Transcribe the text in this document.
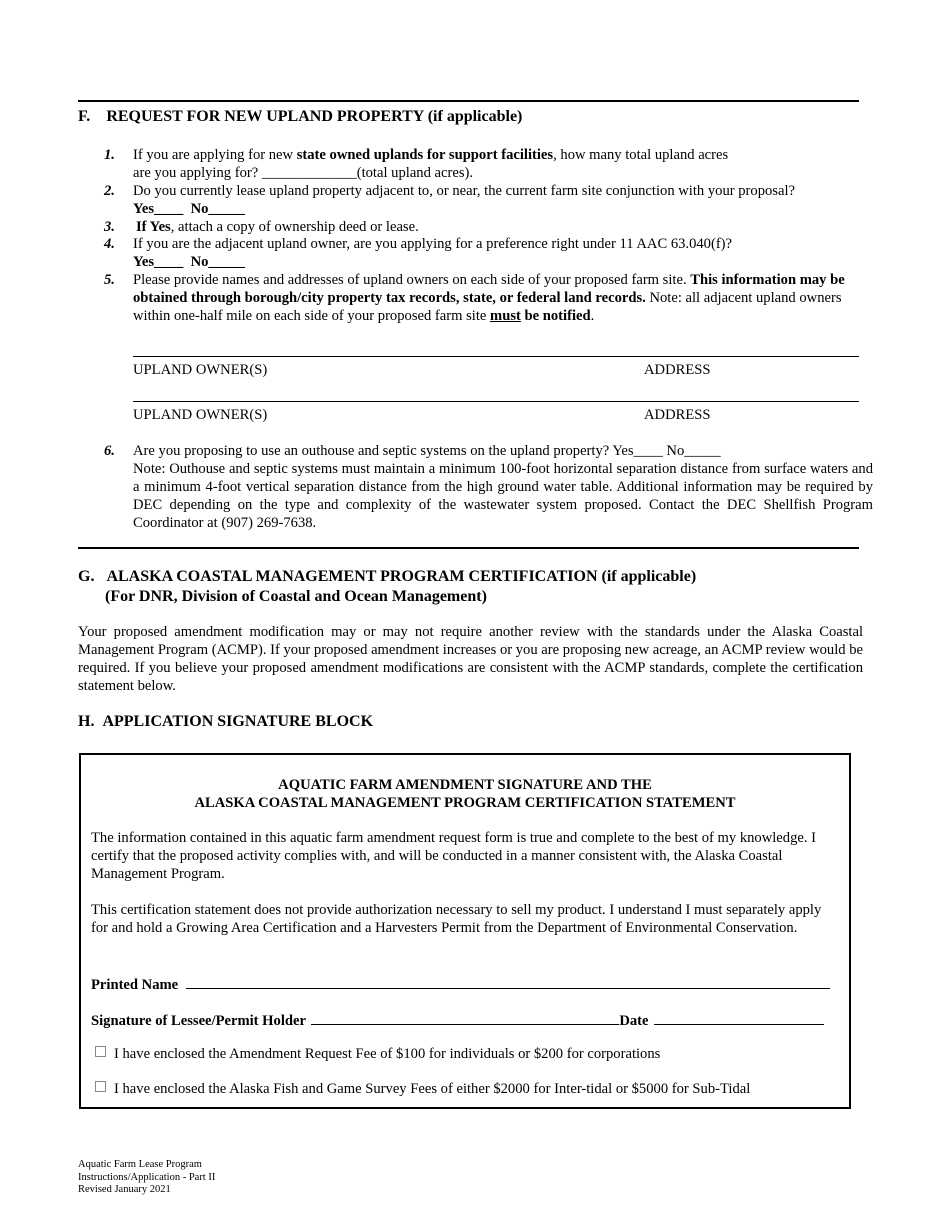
F. REQUEST FOR NEW UPLAND PROPERTY (if applicable)
1. If you are applying for new state owned uplands for support facilities, how many total upland acres
are you applying for? _____________(total upland acres).
2. Do you currently lease upland property adjacent to, or near, the current farm site conjunction with your proposal?
Yes____ No_____
3. If Yes, attach a copy of ownership deed or lease.
4. If you are the adjacent upland owner, are you applying for a preference right under 11 AAC 63.040(f)?
Yes____ No_____
5. Please provide names and addresses of upland owners on each side of your proposed farm site. This information may be obtained through borough/city property tax records, state, or federal land records. Note: all adjacent upland owners within one-half mile on each side of your proposed farm site must be notified.
UPLAND OWNER(S)	ADDRESS
UPLAND OWNER(S)	ADDRESS
6. Are you proposing to use an outhouse and septic systems on the upland property? Yes____ No_____
Note: Outhouse and septic systems must maintain a minimum 100-foot horizontal separation distance from surface waters and a minimum 4-foot vertical separation distance from the high ground water table. Additional information may be required by DEC depending on the type and complexity of the wastewater system proposed. Contact the DEC Shellfish Program Coordinator at (907) 269-7638.
G. ALASKA COASTAL MANAGEMENT PROGRAM CERTIFICATION (if applicable)
(For DNR, Division of Coastal and Ocean Management)
Your proposed amendment modification may or may not require another review with the standards under the Alaska Coastal Management Program (ACMP). If your proposed amendment increases or you are proposing new acreage, an ACMP review would be required. If you believe your proposed amendment modifications are consistent with the ACMP standards, complete the certification statement below.
H. APPLICATION SIGNATURE BLOCK
AQUATIC FARM AMENDMENT SIGNATURE AND THE
ALASKA COASTAL MANAGEMENT PROGRAM CERTIFICATION STATEMENT
The information contained in this aquatic farm amendment request form is true and complete to the best of my knowledge. I certify that the proposed activity complies with, and will be conducted in a manner consistent with, the Alaska Coastal Management Program.
This certification statement does not provide authorization necessary to sell my product. I understand I must separately apply for and hold a Growing Area Certification and a Harvesters Permit from the Department of Environmental Conservation.
Printed Name
Signature of Lessee/Permit Holder	Date
I have enclosed the Amendment Request Fee of $100 for individuals or $200 for corporations
I have enclosed the Alaska Fish and Game Survey Fees of either $2000 for Inter-tidal or $5000 for Sub-Tidal
Aquatic Farm Lease Program
Instructions/Application - Part II
Revised January 2021
